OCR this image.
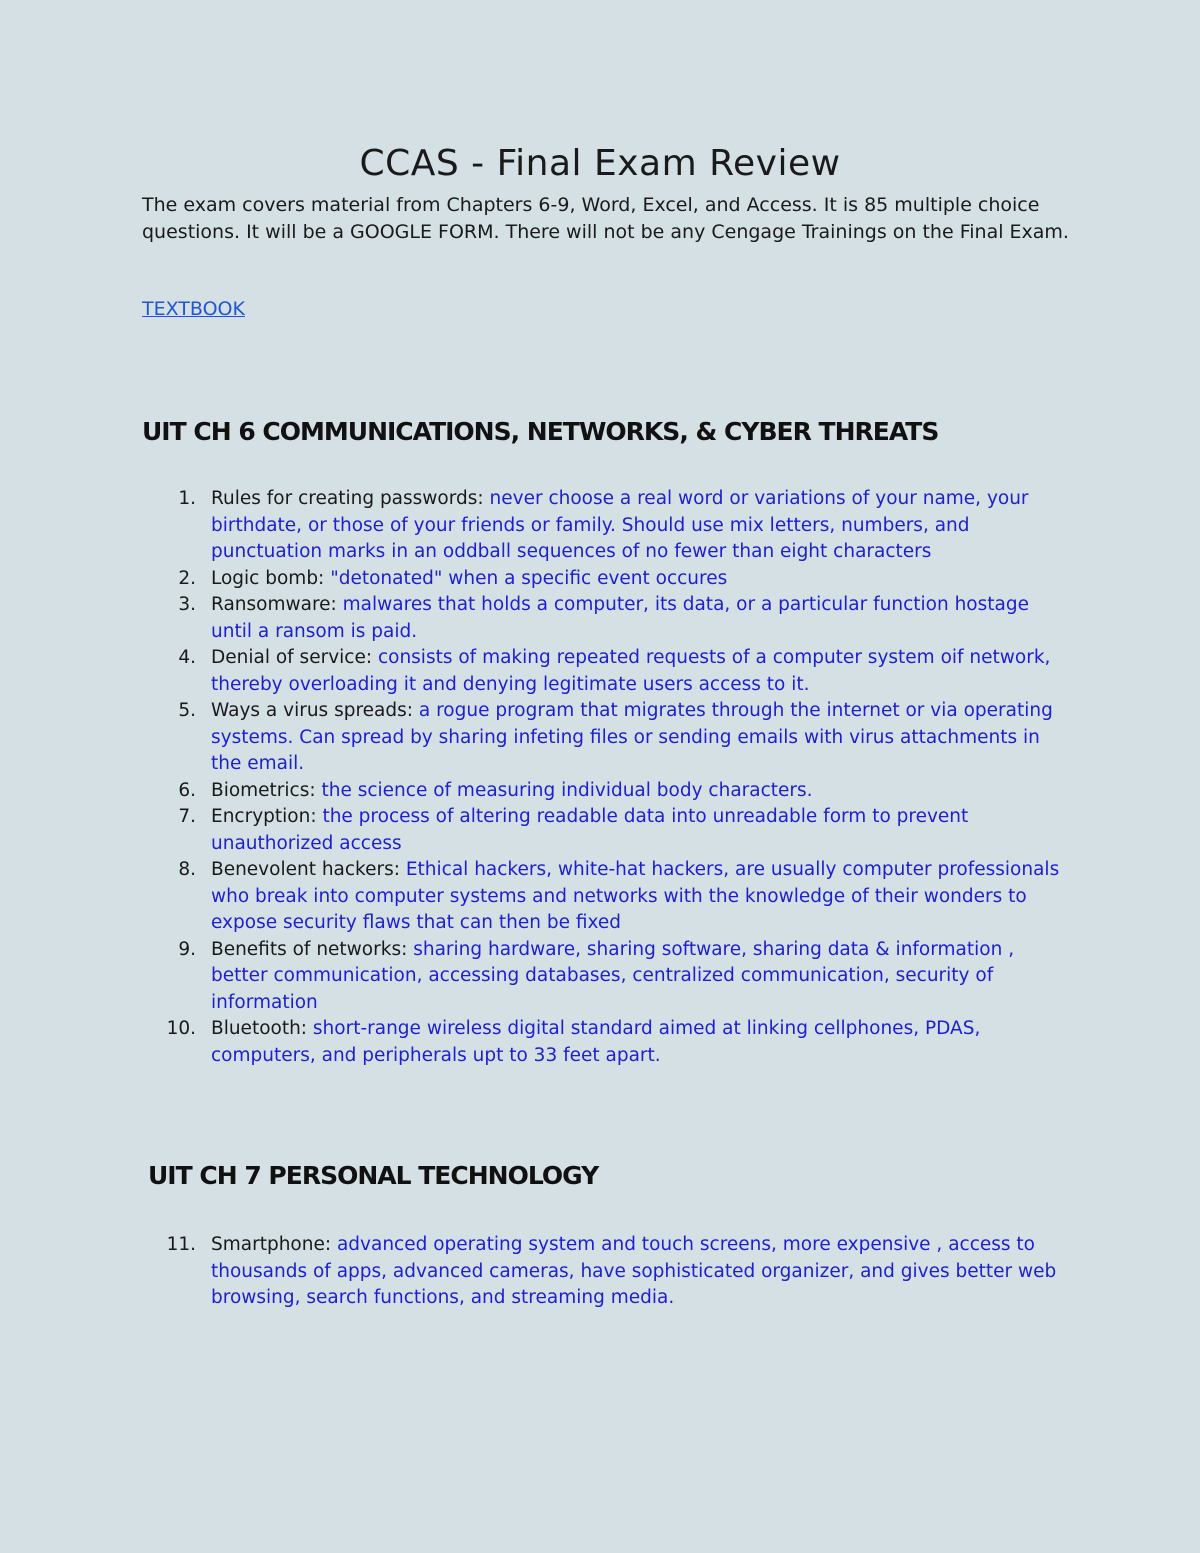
CCAS - Final Exam Review

The exam covers material from Chapters 6-9, Word, Excel, and Access. It is 85 multiple choice questions. It will be a GOOGLE FORM. There will not be any Cengage Trainings on the Final Exam.

TEXTBOOK
UIT CH 6 COMMUNICATIONS, NETWORKS, & CYBER THREATS
1. Rules for creating passwords: never choose a real word or variations of your name, your birthdate, or those of your friends or family. Should use mix letters, numbers, and punctuation marks in an oddball sequences of no fewer than eight characters
2. Logic bomb: "detonated" when a specific event occures
3. Ransomware: malwares that holds a computer, its data, or a particular function hostage until a ransom is paid.
4. Denial of service: consists of making repeated requests of a computer system oif network, thereby overloading it and denying legitimate users access to it.
5. Ways a virus spreads: a rogue program that migrates through the internet or via operating systems. Can spread by sharing infeting files or sending emails with virus attachments in the email.
6. Biometrics: the science of measuring individual body characters.
7. Encryption: the process of altering readable data into unreadable form to prevent unauthorized access
8. Benevolent hackers: Ethical hackers, white-hat hackers, are usually computer professionals who break into computer systems and networks with the knowledge of their wonders to expose security flaws that can then be fixed
9. Benefits of networks: sharing hardware, sharing software, sharing data & information , better communication, accessing databases, centralized communication, security of information
10. Bluetooth: short-range wireless digital standard aimed at linking cellphones, PDAS, computers, and peripherals upt to 33 feet apart.
UIT CH 7 PERSONAL TECHNOLOGY
11. Smartphone: advanced operating system and touch screens, more expensive , access to thousands of apps, advanced cameras, have sophisticated organizer, and gives better web browsing, search functions, and streaming media.
